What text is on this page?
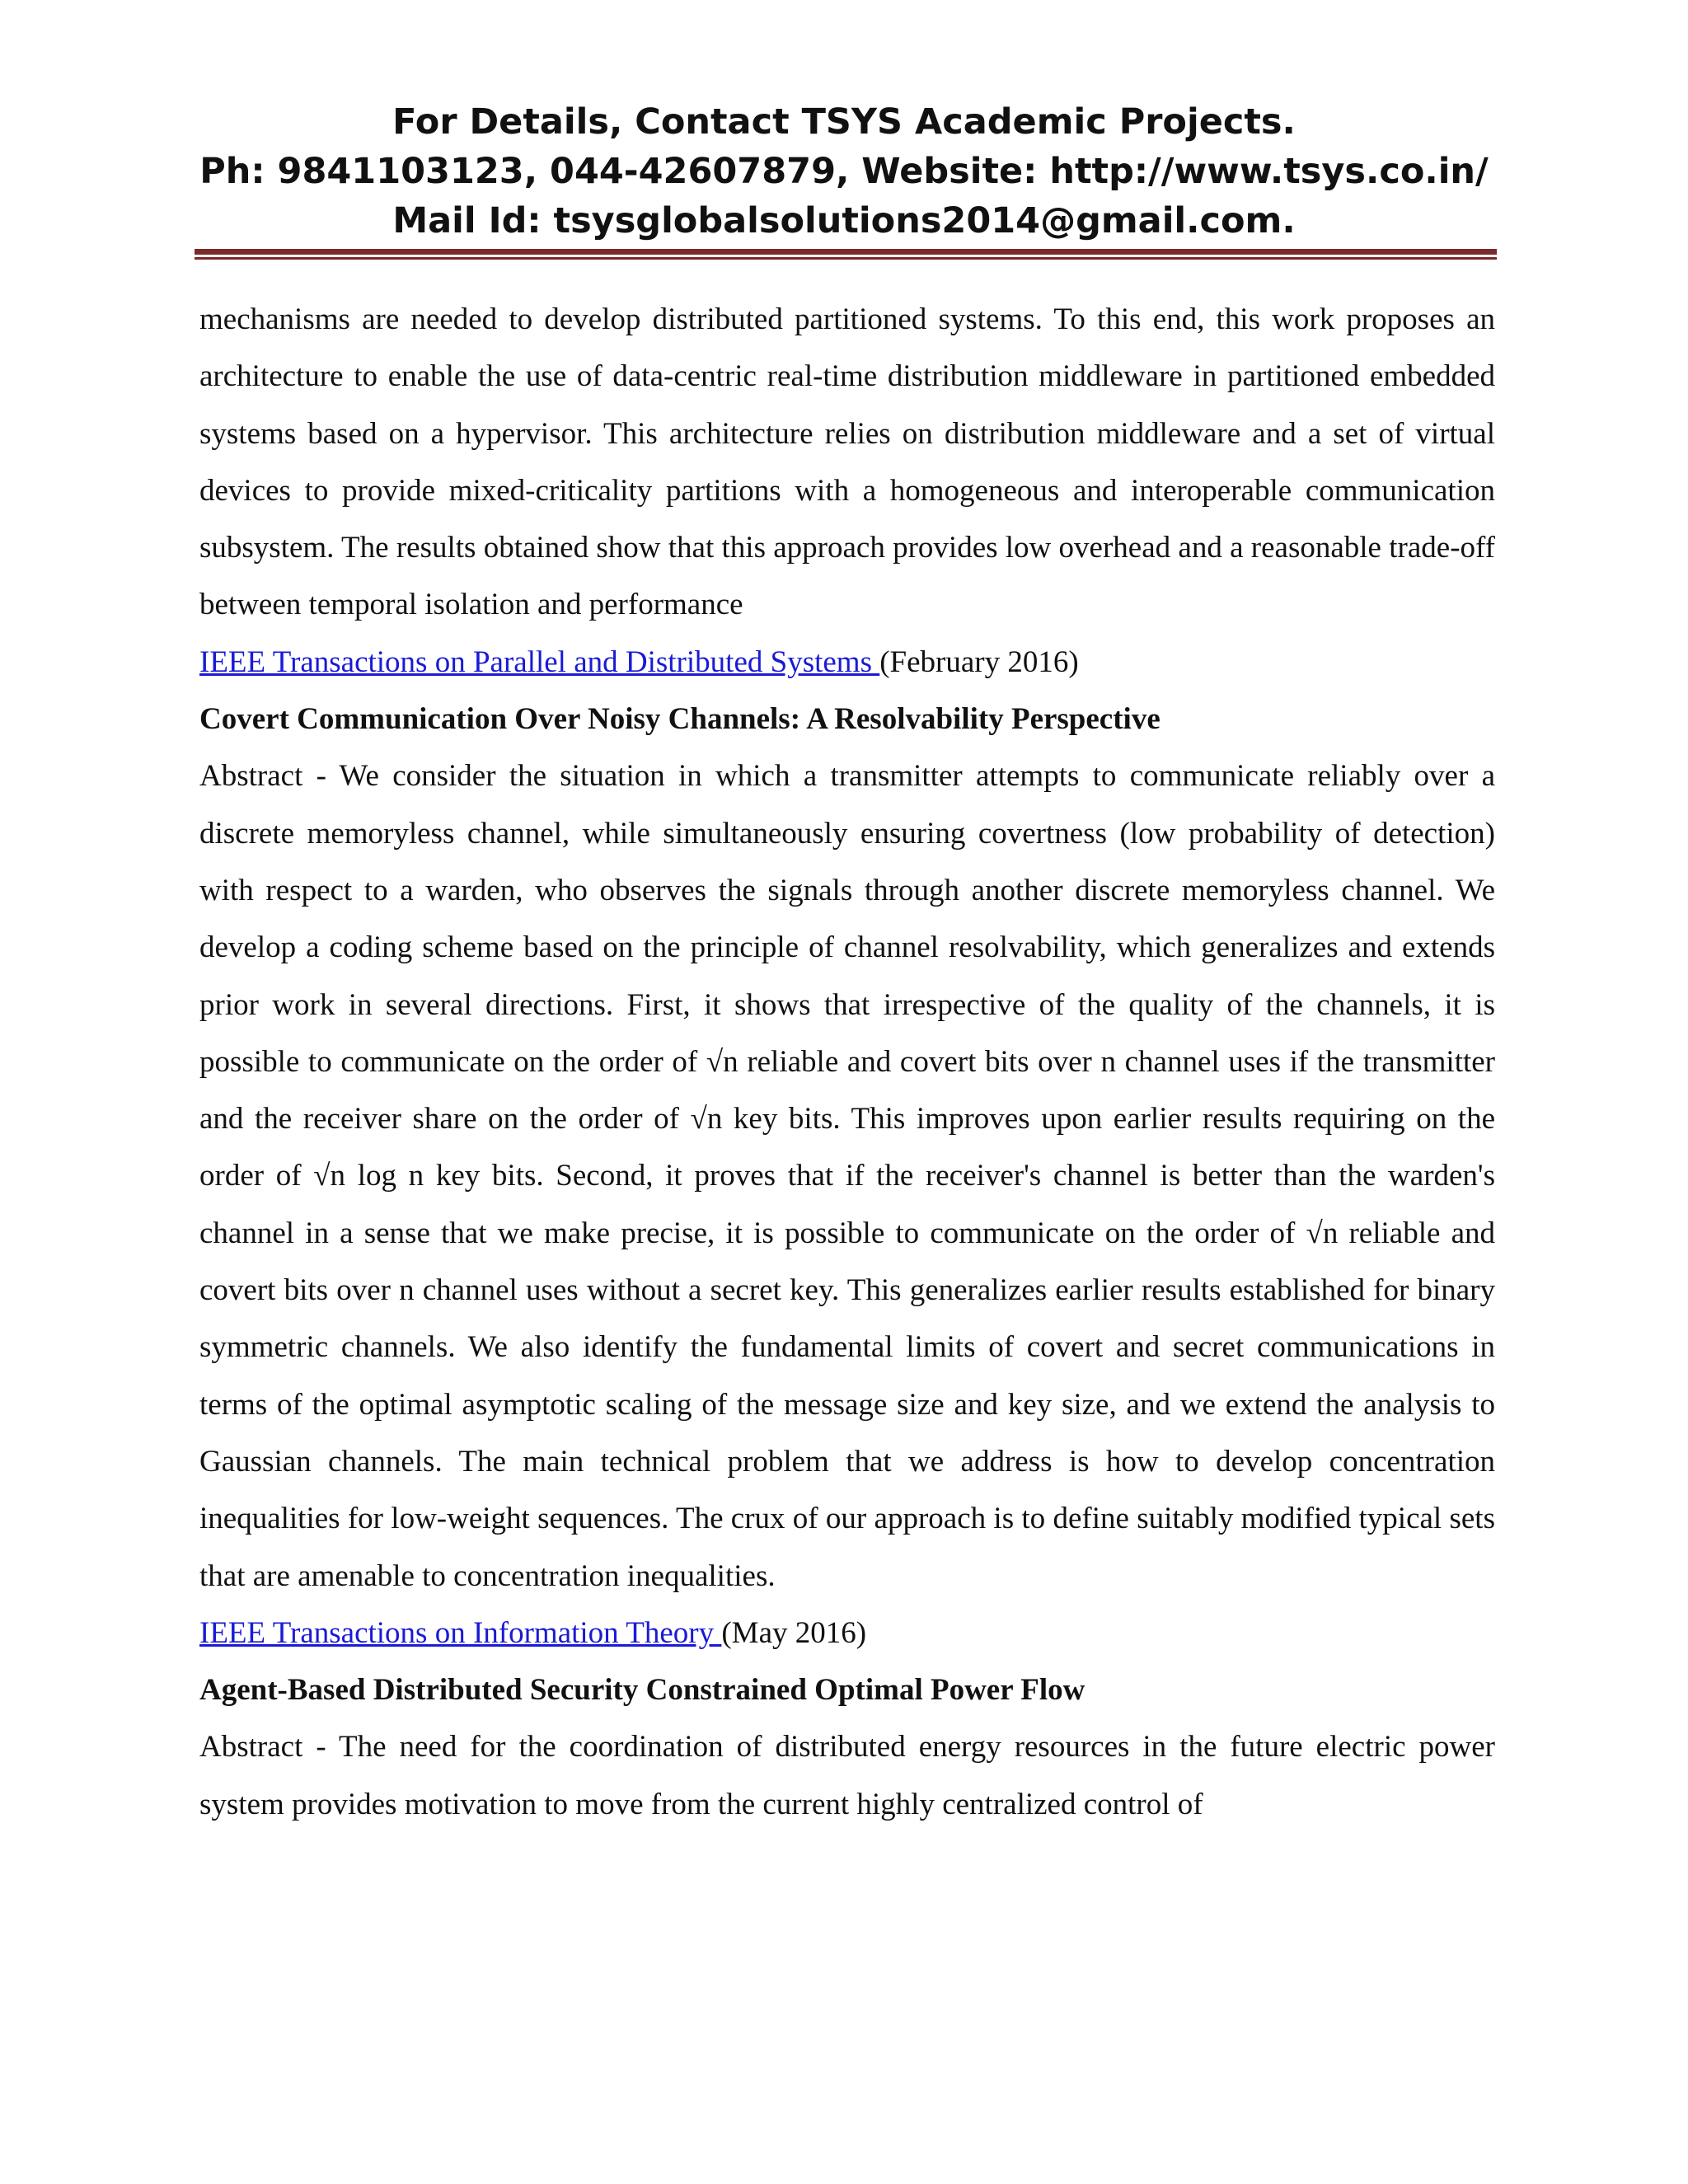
For Details, Contact TSYS Academic Projects.
Ph: 9841103123, 044-42607879, Website: http://www.tsys.co.in/
Mail Id: tsysglobalsolutions2014@gmail.com.

mechanisms are needed to develop distributed partitioned systems. To this end, this work proposes an architecture to enable the use of data-centric real-time distribution middleware in partitioned embedded systems based on a hypervisor. This architecture relies on distribution middleware and a set of virtual devices to provide mixed-criticality partitions with a homogeneous and interoperable communication subsystem. The results obtained show that this approach provides low overhead and a reasonable trade-off between temporal isolation and performance

IEEE Transactions on Parallel and Distributed Systems (February 2016)

Covert Communication Over Noisy Channels: A Resolvability Perspective

Abstract - We consider the situation in which a transmitter attempts to communicate reliably over a discrete memoryless channel, while simultaneously ensuring covertness (low probability of detection) with respect to a warden, who observes the signals through another discrete memoryless channel. We develop a coding scheme based on the principle of channel resolvability, which generalizes and extends prior work in several directions. First, it shows that irrespective of the quality of the channels, it is possible to communicate on the order of √n reliable and covert bits over n channel uses if the transmitter and the receiver share on the order of √n key bits. This improves upon earlier results requiring on the order of √n log n key bits. Second, it proves that if the receiver's channel is better than the warden's channel in a sense that we make precise, it is possible to communicate on the order of √n reliable and covert bits over n channel uses without a secret key. This generalizes earlier results established for binary symmetric channels. We also identify the fundamental limits of covert and secret communications in terms of the optimal asymptotic scaling of the message size and key size, and we extend the analysis to Gaussian channels. The main technical problem that we address is how to develop concentration inequalities for low-weight sequences. The crux of our approach is to define suitably modified typical sets that are amenable to concentration inequalities.

IEEE Transactions on Information Theory (May 2016)

Agent-Based Distributed Security Constrained Optimal Power Flow

Abstract - The need for the coordination of distributed energy resources in the future electric power system provides motivation to move from the current highly centralized control of
